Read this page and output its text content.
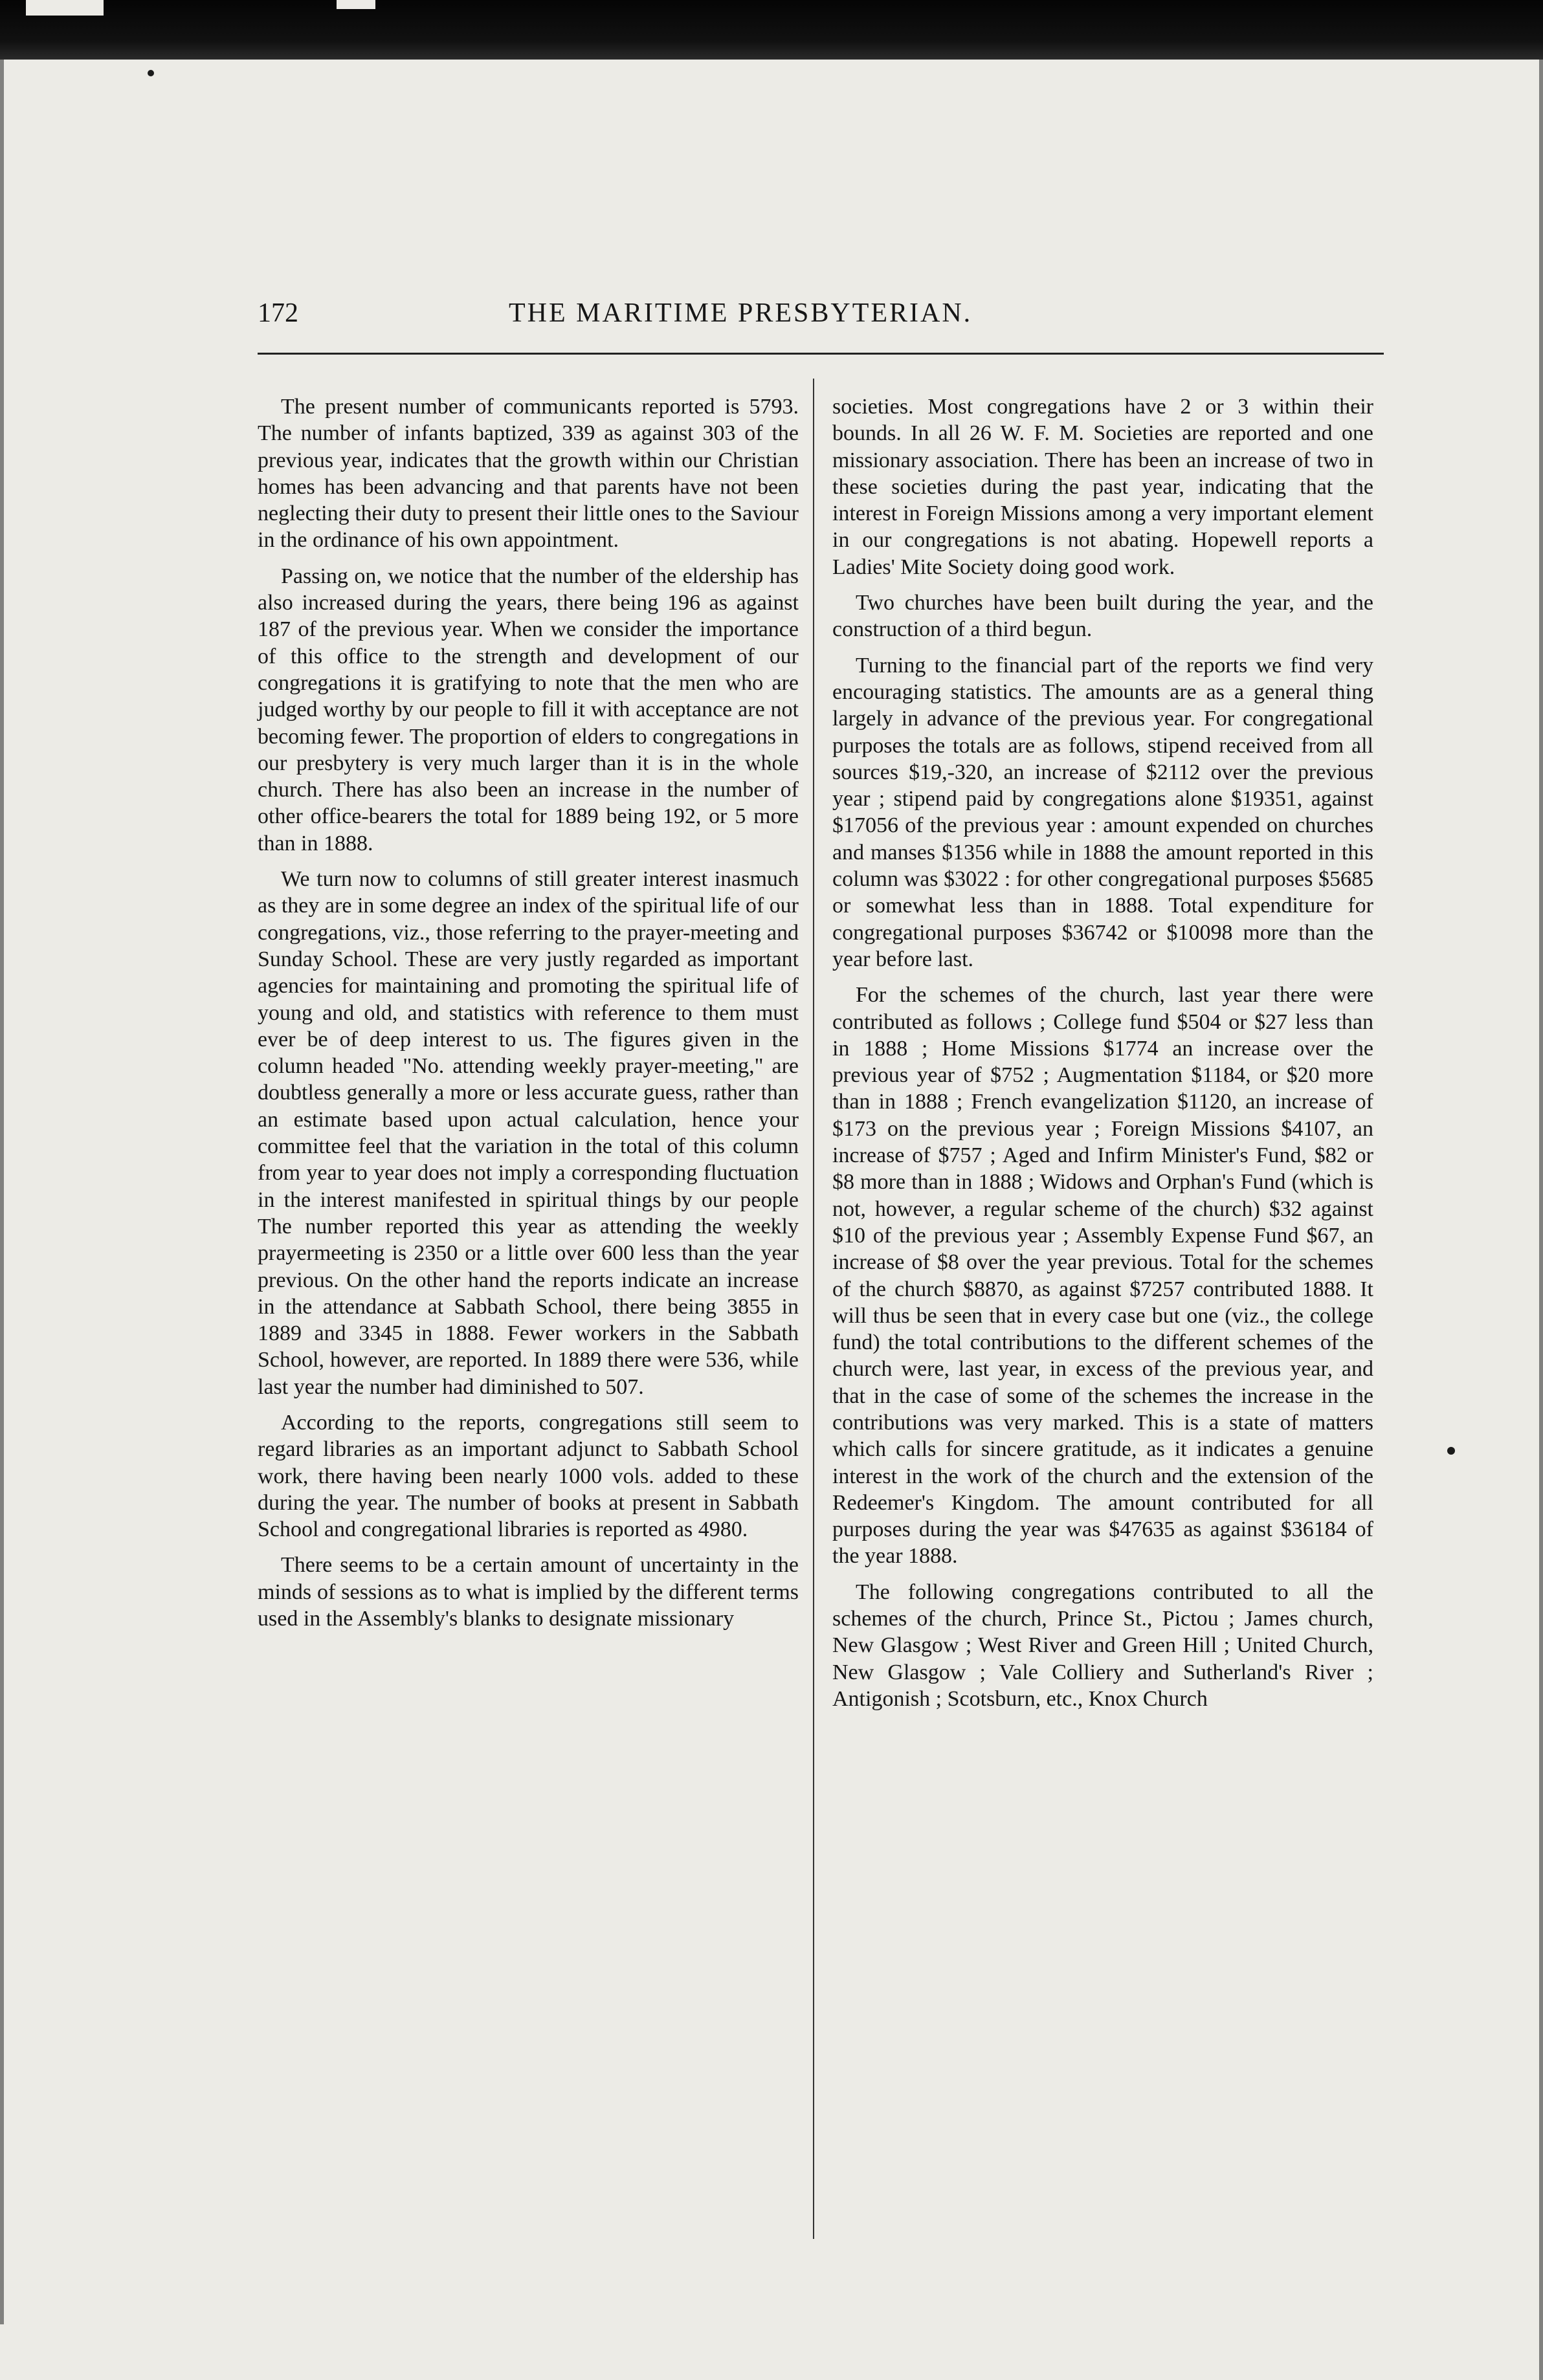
172	THE MARITIME PRESBYTERIAN.

The present number of communicants reported is 5793. The number of infants baptized, 339 as against 303 of the previous year, indicates that the growth within our Christian homes has been advancing and that parents have not been neglecting their duty to present their little ones to the Saviour in the ordinance of his own appointment.

Passing on, we notice that the number of the eldership has also increased during the years, there being 196 as against 187 of the previous year. When we consider the importance of this office to the strength and development of our congregations it is gratifying to note that the men who are judged worthy by our people to fill it with acceptance are not becoming fewer. The proportion of elders to congregations in our presbytery is very much larger than it is in the whole church. There has also been an increase in the number of other office-bearers the total for 1889 being 192, or 5 more than in 1888.

We turn now to columns of still greater interest inasmuch as they are in some degree an index of the spiritual life of our congregations, viz., those referring to the prayer-meeting and Sunday School. These are very justly regarded as important agencies for maintaining and promoting the spiritual life of young and old, and statistics with reference to them must ever be of deep interest to us. The figures given in the column headed "No. attending weekly prayer-meeting," are doubtless generally a more or less accurate guess, rather than an estimate based upon actual calculation, hence your committee feel that the variation in the total of this column from year to year does not imply a corresponding fluctuation in the interest manifested in spiritual things by our people The number reported this year as attending the weekly prayermeeting is 2350 or a little over 600 less than the year previous. On the other hand the reports indicate an increase in the attendance at Sabbath School, there being 3855 in 1889 and 3345 in 1888. Fewer workers in the Sabbath School, however, are reported. In 1889 there were 536, while last year the number had diminished to 507.

According to the reports, congregations still seem to regard libraries as an important adjunct to Sabbath School work, there having been nearly 1000 vols. added to these during the year. The number of books at present in Sabbath School and congregational libraries is reported as 4980.

There seems to be a certain amount of uncertainty in the minds of sessions as to what is implied by the different terms used in the Assembly's blanks to designate missionary

societies. Most congregations have 2 or 3 within their bounds. In all 26 W. F. M. Societies are reported and one missionary association. There has been an increase of two in these societies during the past year, indicating that the interest in Foreign Missions among a very important element in our congregations is not abating. Hopewell reports a Ladies' Mite Society doing good work.

Two churches have been built during the year, and the construction of a third begun.

Turning to the financial part of the reports we find very encouraging statistics. The amounts are as a general thing largely in advance of the previous year. For congregational purposes the totals are as follows, stipend received from all sources $19,-320, an increase of $2112 over the previous year ; stipend paid by congregations alone $19351, against $17056 of the previous year : amount expended on churches and manses $1356 while in 1888 the amount reported in this column was $3022 : for other congregational purposes $5685 or somewhat less than in 1888. Total expenditure for congregational purposes $36742 or $10098 more than the year before last.

For the schemes of the church, last year there were contributed as follows ; College fund $504 or $27 less than in 1888 ; Home Missions $1774 an increase over the previous year of $752 ; Augmentation $1184, or $20 more than in 1888 ; French evangelization $1120, an increase of $173 on the previous year ; Foreign Missions $4107, an increase of $757 ; Aged and Infirm Minister's Fund, $82 or $8 more than in 1888 ; Widows and Orphan's Fund (which is not, however, a regular scheme of the church) $32 against $10 of the previous year ; Assembly Expense Fund $67, an increase of $8 over the year previous. Total for the schemes of the church $8870, as against $7257 contributed 1888. It will thus be seen that in every case but one (viz., the college fund) the total contributions to the different schemes of the church were, last year, in excess of the previous year, and that in the case of some of the schemes the increase in the contributions was very marked. This is a state of matters which calls for sincere gratitude, as it indicates a genuine interest in the work of the church and the extension of the Redeemer's Kingdom. The amount contributed for all purposes during the year was $47635 as against $36184 of the year 1888.

The following congregations contributed to all the schemes of the church, Prince St., Pictou ; James church, New Glasgow ; West River and Green Hill ; United Church, New Glasgow ; Vale Colliery and Sutherland's River ; Antigonish ; Scotsburn, etc., Knox Church
